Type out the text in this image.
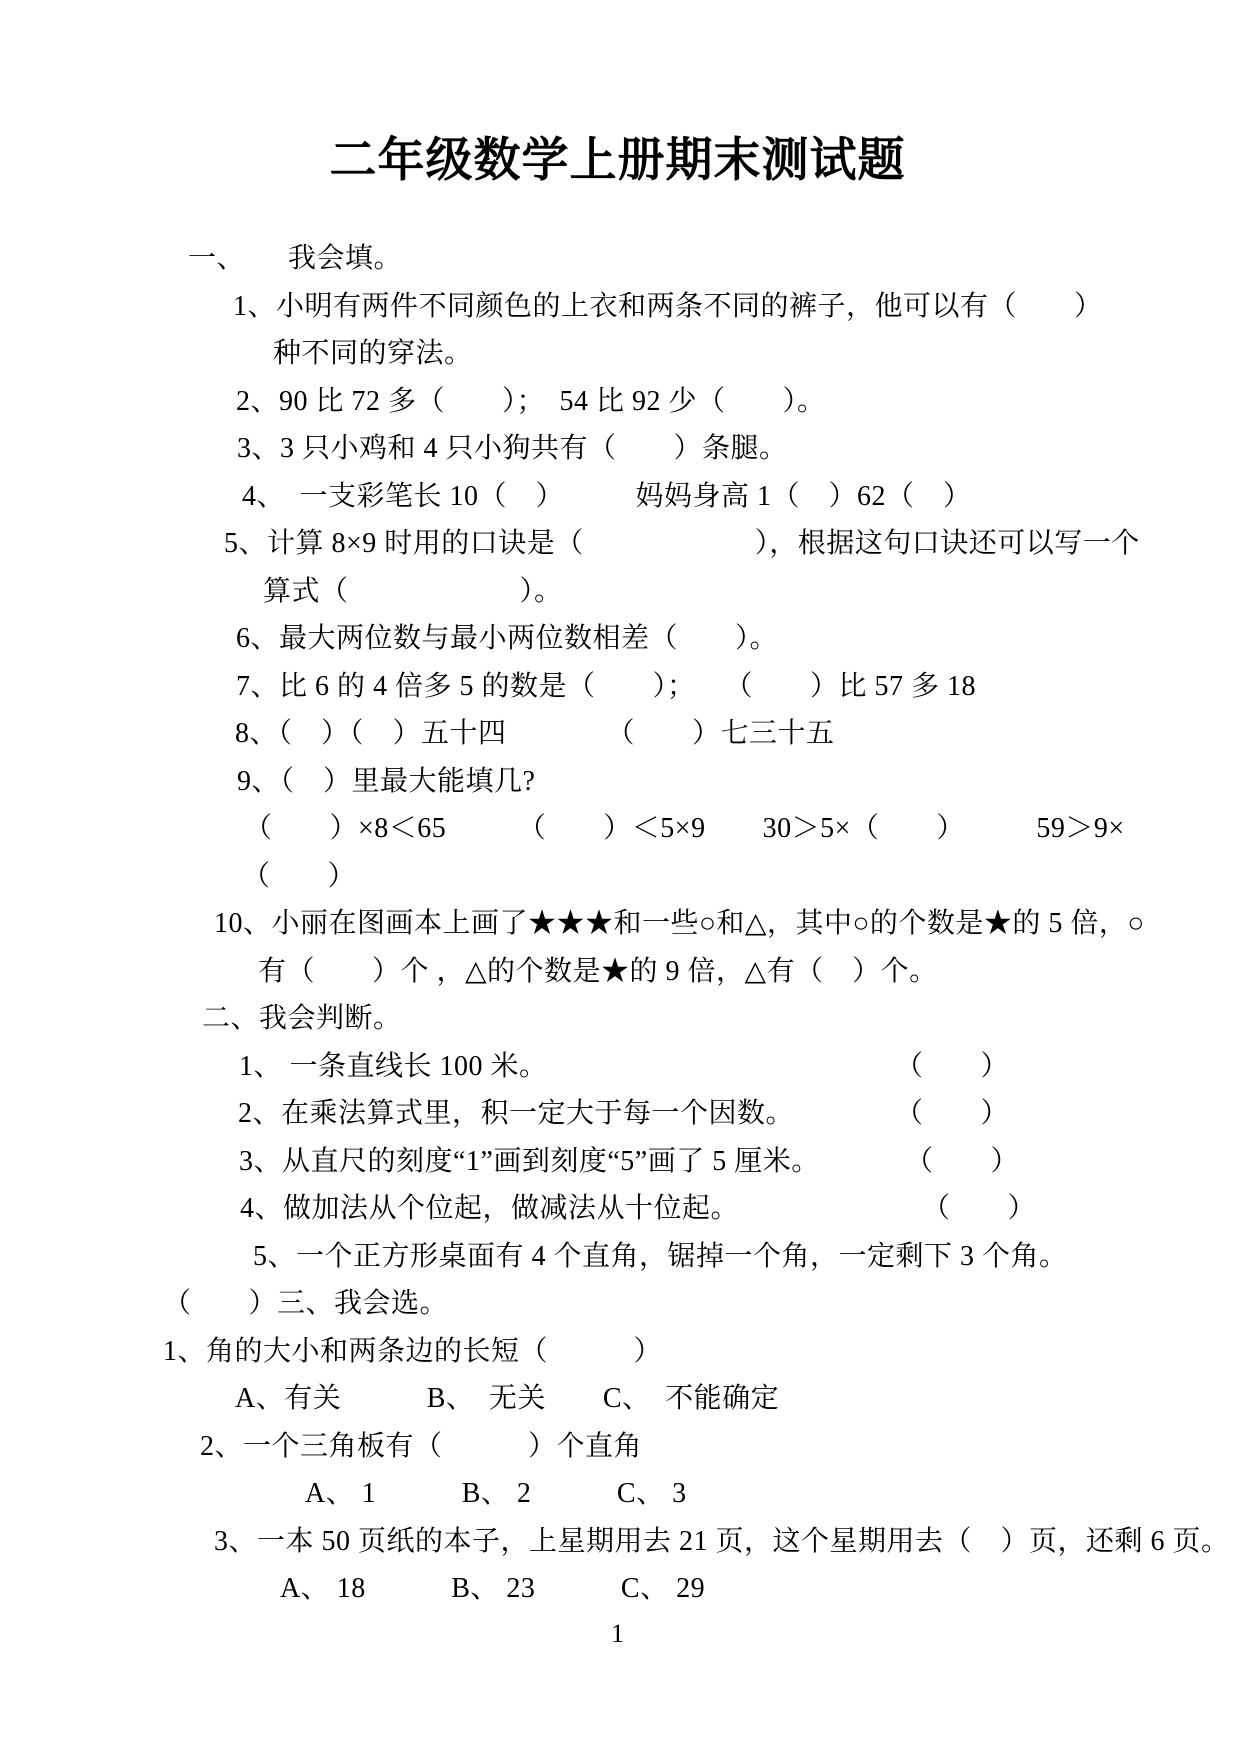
二年级数学上册期末测试题
一、　　我会填。
1、小明有两件不同颜色的上衣和两条不同的裤子，他可以有（　　）
种不同的穿法。
2、90 比 72 多（　　）；　54 比 92 少（　　）。
3、3 只小鸡和 4 只小狗共有（　　）条腿。
4、　一支彩笔长 10（　）　　　妈妈身高 1（　）62（　）
5、计算 8×9 时用的口诀是（　　　　　　），根据这句口诀还可以写一个
算式（　　　　　　）。
6、最大两位数与最小两位数相差（　　）。
7、比 6 的 4 倍多 5 的数是（　　）；　　（　　）比 57 多 18
8、（　）（　）五十四　　　　（　　）七三十五
9、（　）里最大能填几?
（　　）×8＜65　　　（　　）＜5×9　　30＞5×（　　）　　　59＞9×
（　　）
10、小丽在图画本上画了★★★和一些○和△，其中○的个数是★的 5 倍，○
有（　　）个 ，△的个数是★的 9 倍，△有（　）个。
二、我会判断。
1、 一条直线长 100 米。	（　　）
2、在乘法算式里，积一定大于每一个因数。	（　　）
3、从直尺的刻度“1”画到刻度“5”画了 5 厘米。	（　　）
4、做加法从个位起，做减法从十位起。	（　　）
5、一个正方形桌面有 4 个直角，锯掉一个角，一定剩下 3 个角。
（　　）三、我会选。
1、角的大小和两条边的长短（　　　）
A、有关　　　B、　无关　　C、　不能确定
2、一个三角板有（　　　）个直角
A、 1　　　B、 2　　　C、 3
3、一本 50 页纸的本子，上星期用去 21 页，这个星期用去（　）页，还剩 6 页。
A、 18　　　B、 23　　　C、 29
1
